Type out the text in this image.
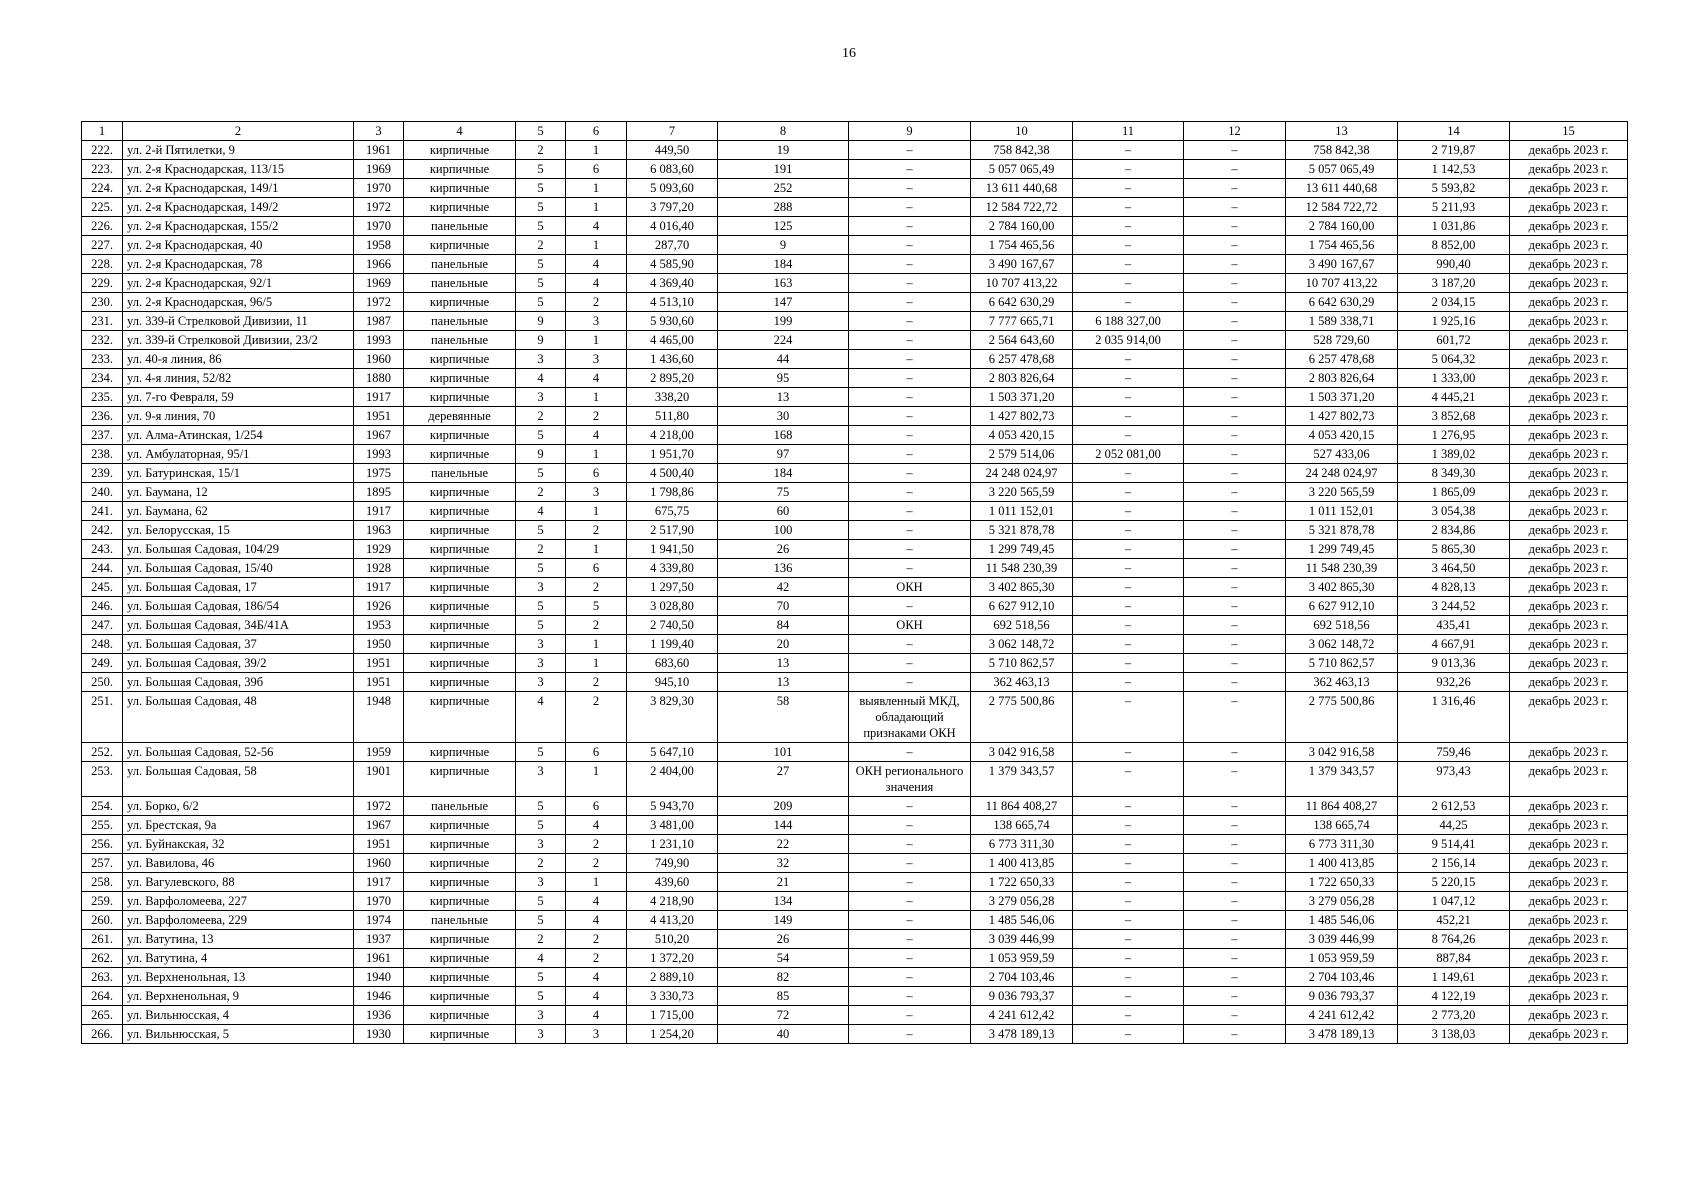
16
1	2	3	4	5	6	7	8	9	10	11	12	13	14	15
222.	ул. 2-й Пятилетки, 9	1961	кирпичные	2	1	449,50	19	–	758 842,38	–	–	758 842,38	2 719,87	декабрь 2023 г.
223.	ул. 2-я Краснодарская, 113/15	1969	кирпичные	5	6	6 083,60	191	–	5 057 065,49	–	–	5 057 065,49	1 142,53	декабрь 2023 г.
224.	ул. 2-я Краснодарская, 149/1	1970	кирпичные	5	1	5 093,60	252	–	13 611 440,68	–	–	13 611 440,68	5 593,82	декабрь 2023 г.
225.	ул. 2-я Краснодарская, 149/2	1972	кирпичные	5	1	3 797,20	288	–	12 584 722,72	–	–	12 584 722,72	5 211,93	декабрь 2023 г.
226.	ул. 2-я Краснодарская, 155/2	1970	панельные	5	4	4 016,40	125	–	2 784 160,00	–	–	2 784 160,00	1 031,86	декабрь 2023 г.
227.	ул. 2-я Краснодарская, 40	1958	кирпичные	2	1	287,70	9	–	1 754 465,56	–	–	1 754 465,56	8 852,00	декабрь 2023 г.
228.	ул. 2-я Краснодарская, 78	1966	панельные	5	4	4 585,90	184	–	3 490 167,67	–	–	3 490 167,67	990,40	декабрь 2023 г.
229.	ул. 2-я Краснодарская, 92/1	1969	панельные	5	4	4 369,40	163	–	10 707 413,22	–	–	10 707 413,22	3 187,20	декабрь 2023 г.
230.	ул. 2-я Краснодарская, 96/5	1972	кирпичные	5	2	4 513,10	147	–	6 642 630,29	–	–	6 642 630,29	2 034,15	декабрь 2023 г.
231.	ул. 339-й Стрелковой Дивизии, 11	1987	панельные	9	3	5 930,60	199	–	7 777 665,71	6 188 327,00	–	1 589 338,71	1 925,16	декабрь 2023 г.
232.	ул. 339-й Стрелковой Дивизии, 23/2	1993	панельные	9	1	4 465,00	224	–	2 564 643,60	2 035 914,00	–	528 729,60	601,72	декабрь 2023 г.
233.	ул. 40-я линия, 86	1960	кирпичные	3	3	1 436,60	44	–	6 257 478,68	–	–	6 257 478,68	5 064,32	декабрь 2023 г.
234.	ул. 4-я линия, 52/82	1880	кирпичные	4	4	2 895,20	95	–	2 803 826,64	–	–	2 803 826,64	1 333,00	декабрь 2023 г.
235.	ул. 7-го Февраля, 59	1917	кирпичные	3	1	338,20	13	–	1 503 371,20	–	–	1 503 371,20	4 445,21	декабрь 2023 г.
236.	ул. 9-я линия, 70	1951	деревянные	2	2	511,80	30	–	1 427 802,73	–	–	1 427 802,73	3 852,68	декабрь 2023 г.
237.	ул. Алма-Атинская, 1/254	1967	кирпичные	5	4	4 218,00	168	–	4 053 420,15	–	–	4 053 420,15	1 276,95	декабрь 2023 г.
238.	ул. Амбулаторная, 95/1	1993	кирпичные	9	1	1 951,70	97	–	2 579 514,06	2 052 081,00	–	527 433,06	1 389,02	декабрь 2023 г.
239.	ул. Батуринская, 15/1	1975	панельные	5	6	4 500,40	184	–	24 248 024,97	–	–	24 248 024,97	8 349,30	декабрь 2023 г.
240.	ул. Баумана, 12	1895	кирпичные	2	3	1 798,86	75	–	3 220 565,59	–	–	3 220 565,59	1 865,09	декабрь 2023 г.
241.	ул. Баумана, 62	1917	кирпичные	4	1	675,75	60	–	1 011 152,01	–	–	1 011 152,01	3 054,38	декабрь 2023 г.
242.	ул. Белорусская, 15	1963	кирпичные	5	2	2 517,90	100	–	5 321 878,78	–	–	5 321 878,78	2 834,86	декабрь 2023 г.
243.	ул. Большая Садовая, 104/29	1929	кирпичные	2	1	1 941,50	26	–	1 299 749,45	–	–	1 299 749,45	5 865,30	декабрь 2023 г.
244.	ул. Большая Садовая, 15/40	1928	кирпичные	5	6	4 339,80	136	–	11 548 230,39	–	–	11 548 230,39	3 464,50	декабрь 2023 г.
245.	ул. Большая Садовая, 17	1917	кирпичные	3	2	1 297,50	42	ОКН	3 402 865,30	–	–	3 402 865,30	4 828,13	декабрь 2023 г.
246.	ул. Большая Садовая, 186/54	1926	кирпичные	5	5	3 028,80	70	–	6 627 912,10	–	–	6 627 912,10	3 244,52	декабрь 2023 г.
247.	ул. Большая Садовая, 34Б/41А	1953	кирпичные	5	2	2 740,50	84	ОКН	692 518,56	–	–	692 518,56	435,41	декабрь 2023 г.
248.	ул. Большая Садовая, 37	1950	кирпичные	3	1	1 199,40	20	–	3 062 148,72	–	–	3 062 148,72	4 667,91	декабрь 2023 г.
249.	ул. Большая Садовая, 39/2	1951	кирпичные	3	1	683,60	13	–	5 710 862,57	–	–	5 710 862,57	9 013,36	декабрь 2023 г.
250.	ул. Большая Садовая, 39б	1951	кирпичные	3	2	945,10	13	–	362 463,13	–	–	362 463,13	932,26	декабрь 2023 г.
251.	ул. Большая Садовая, 48	1948	кирпичные	4	2	3 829,30	58	выявленный МКД, обладающий признаками ОКН	2 775 500,86	–	–	2 775 500,86	1 316,46	декабрь 2023 г.
252.	ул. Большая Садовая, 52-56	1959	кирпичные	5	6	5 647,10	101	–	3 042 916,58	–	–	3 042 916,58	759,46	декабрь 2023 г.
253.	ул. Большая Садовая, 58	1901	кирпичные	3	1	2 404,00	27	ОКН регионального значения	1 379 343,57	–	–	1 379 343,57	973,43	декабрь 2023 г.
254.	ул. Борко, 6/2	1972	панельные	5	6	5 943,70	209	–	11 864 408,27	–	–	11 864 408,27	2 612,53	декабрь 2023 г.
255.	ул. Брестская, 9а	1967	кирпичные	5	4	3 481,00	144	–	138 665,74	–	–	138 665,74	44,25	декабрь 2023 г.
256.	ул. Буйнакская, 32	1951	кирпичные	3	2	1 231,10	22	–	6 773 311,30	–	–	6 773 311,30	9 514,41	декабрь 2023 г.
257.	ул. Вавилова, 46	1960	кирпичные	2	2	749,90	32	–	1 400 413,85	–	–	1 400 413,85	2 156,14	декабрь 2023 г.
258.	ул. Вагулевского, 88	1917	кирпичные	3	1	439,60	21	–	1 722 650,33	–	–	1 722 650,33	5 220,15	декабрь 2023 г.
259.	ул. Варфоломеева, 227	1970	кирпичные	5	4	4 218,90	134	–	3 279 056,28	–	–	3 279 056,28	1 047,12	декабрь 2023 г.
260.	ул. Варфоломеева, 229	1974	панельные	5	4	4 413,20	149	–	1 485 546,06	–	–	1 485 546,06	452,21	декабрь 2023 г.
261.	ул. Ватутина, 13	1937	кирпичные	2	2	510,20	26	–	3 039 446,99	–	–	3 039 446,99	8 764,26	декабрь 2023 г.
262.	ул. Ватутина, 4	1961	кирпичные	4	2	1 372,20	54	–	1 053 959,59	–	–	1 053 959,59	887,84	декабрь 2023 г.
263.	ул. Верхненольная, 13	1940	кирпичные	5	4	2 889,10	82	–	2 704 103,46	–	–	2 704 103,46	1 149,61	декабрь 2023 г.
264.	ул. Верхненольная, 9	1946	кирпичные	5	4	3 330,73	85	–	9 036 793,37	–	–	9 036 793,37	4 122,19	декабрь 2023 г.
265.	ул. Вильнюсская, 4	1936	кирпичные	3	4	1 715,00	72	–	4 241 612,42	–	–	4 241 612,42	2 773,20	декабрь 2023 г.
266.	ул. Вильнюсская, 5	1930	кирпичные	3	3	1 254,20	40	–	3 478 189,13	–	–	3 478 189,13	3 138,03	декабрь 2023 г.
